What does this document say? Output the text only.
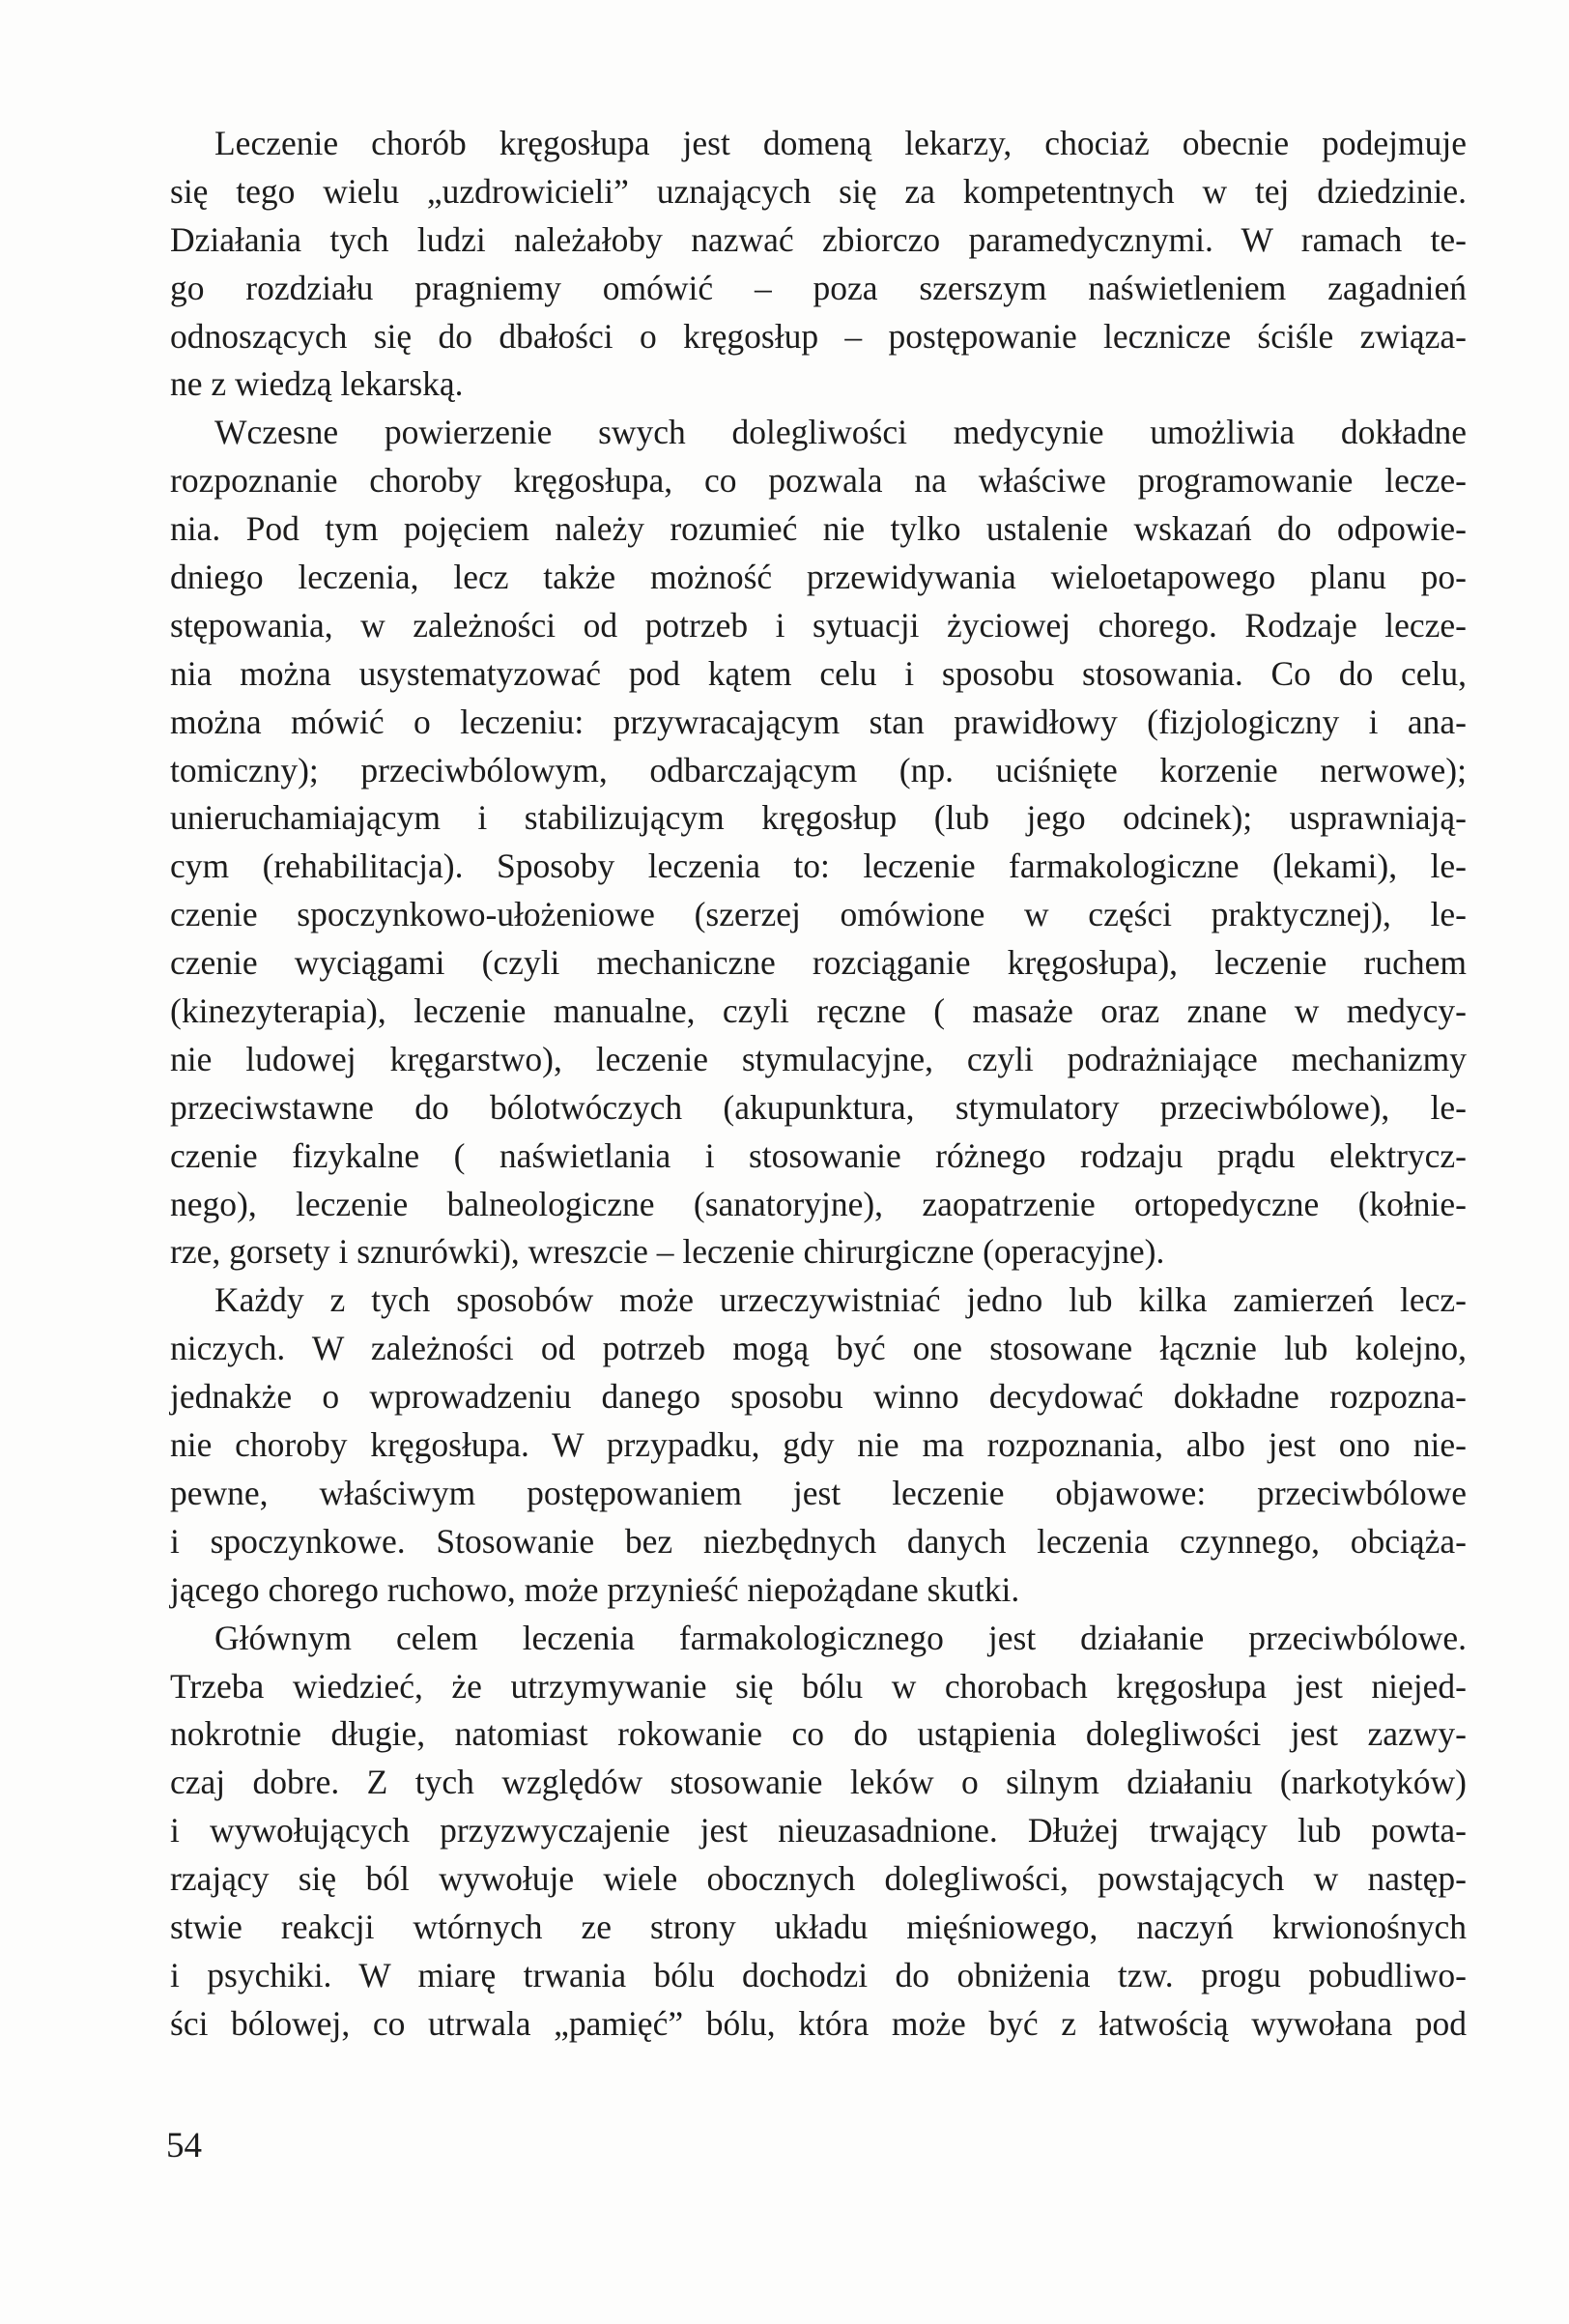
Leczenie chorób kręgosłupa jest domeną lekarzy, chociaż obecnie podejmuje
się tego wielu „uzdrowicieli” uznających się za kompetentnych w tej dziedzinie.
Działania tych ludzi należałoby nazwać zbiorczo paramedycznymi. W ramach te-
go rozdziału pragniemy omówić – poza szerszym naświetleniem zagadnień
odnoszących się do dbałości o kręgosłup – postępowanie lecznicze ściśle związa-
ne z wiedzą lekarską.
Wczesne powierzenie swych dolegliwości medycynie umożliwia dokładne
rozpoznanie choroby kręgosłupa, co pozwala na właściwe programowanie lecze-
nia. Pod tym pojęciem należy rozumieć nie tylko ustalenie wskazań do odpowie-
dniego leczenia, lecz także możność przewidywania wieloetapowego planu po-
stępowania, w zależności od potrzeb i sytuacji życiowej chorego. Rodzaje lecze-
nia można usystematyzować pod kątem celu i sposobu stosowania. Co do celu,
można mówić o leczeniu: przywracającym stan prawidłowy (fizjologiczny i ana-
tomiczny); przeciwbólowym, odbarczającym (np. uciśnięte korzenie nerwowe);
unieruchamiającym i stabilizującym kręgosłup (lub jego odcinek); usprawniają-
cym (rehabilitacja). Sposoby leczenia to: leczenie farmakologiczne (lekami), le-
czenie spoczynkowo-ułożeniowe (szerzej omówione w części praktycznej), le-
czenie wyciągami (czyli mechaniczne rozciąganie kręgosłupa), leczenie ruchem
(kinezyterapia), leczenie manualne, czyli ręczne ( masaże oraz znane w medycy-
nie ludowej kręgarstwo), leczenie stymulacyjne, czyli podrażniające mechanizmy
przeciwstawne do bólotwóczych (akupunktura, stymulatory przeciwbólowe), le-
czenie fizykalne ( naświetlania i stosowanie różnego rodzaju prądu elektrycz-
nego), leczenie balneologiczne (sanatoryjne), zaopatrzenie ortopedyczne (kołnie-
rze, gorsety i sznurówki), wreszcie – leczenie chirurgiczne (operacyjne).
Każdy z tych sposobów może urzeczywistniać jedno lub kilka zamierzeń lecz-
niczych. W zależności od potrzeb mogą być one stosowane łącznie lub kolejno,
jednakże o wprowadzeniu danego sposobu winno decydować dokładne rozpozna-
nie choroby kręgosłupa. W przypadku, gdy nie ma rozpoznania, albo jest ono nie-
pewne, właściwym postępowaniem jest leczenie objawowe: przeciwbólowe
i spoczynkowe. Stosowanie bez niezbędnych danych leczenia czynnego, obciąża-
jącego chorego ruchowo, może przynieść niepożądane skutki.
Głównym celem leczenia farmakologicznego jest działanie przeciwbólowe.
Trzeba wiedzieć, że utrzymywanie się bólu w chorobach kręgosłupa jest niejed-
nokrotnie długie, natomiast rokowanie co do ustąpienia dolegliwości jest zazwy-
czaj dobre. Z tych względów stosowanie leków o silnym działaniu (narkotyków)
i wywołujących przyzwyczajenie jest nieuzasadnione. Dłużej trwający lub powta-
rzający się ból wywołuje wiele obocznych dolegliwości, powstających w następ-
stwie reakcji wtórnych ze strony układu mięśniowego, naczyń krwionośnych
i psychiki. W miarę trwania bólu dochodzi do obniżenia tzw. progu pobudliwo-
ści bólowej, co utrwala „pamięć” bólu, która może być z łatwością wywołana pod
54
